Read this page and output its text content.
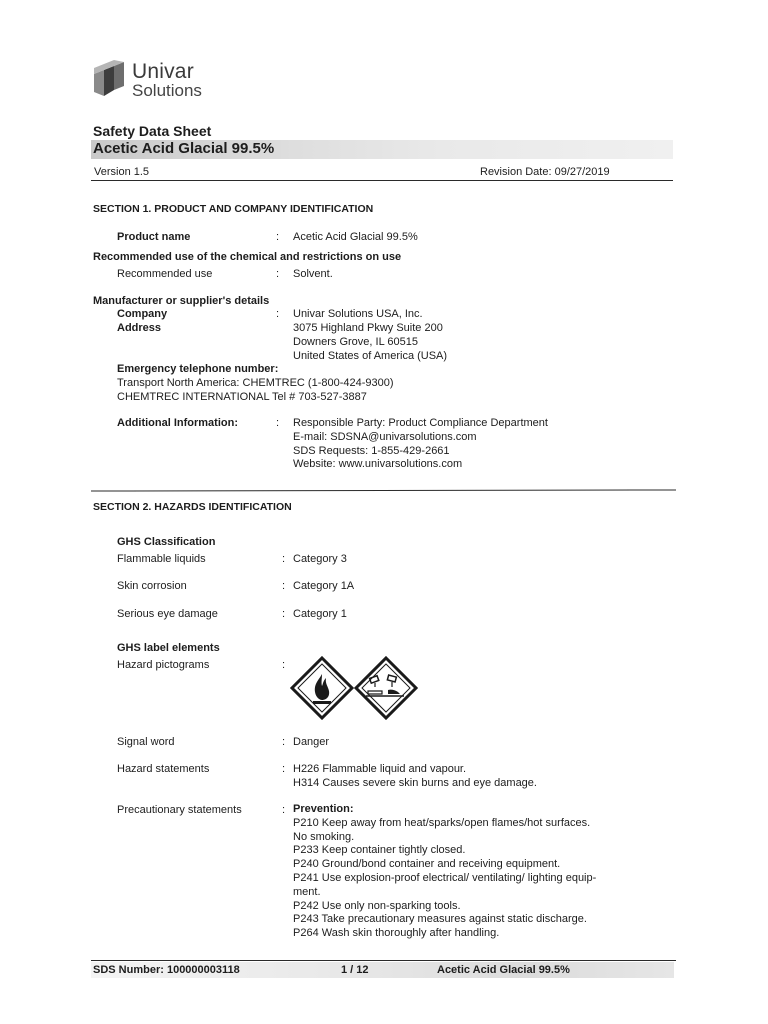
Univar
Solutions
Safety Data Sheet
Acetic Acid Glacial 99.5%
Version 1.5	Revision Date: 09/27/2019
SECTION 1. PRODUCT AND COMPANY IDENTIFICATION
Product name	: Acetic Acid Glacial 99.5%
Recommended use of the chemical and restrictions on use
Recommended use	: Solvent.
Manufacturer or supplier's details
Company	: Univar Solutions USA, Inc.
Address	3075 Highland Pkwy Suite 200
Downers Grove, IL 60515
United States of America (USA)
Emergency telephone number:
Transport North America: CHEMTREC (1-800-424-9300)
CHEMTREC INTERNATIONAL Tel # 703-527-3887
Additional Information:	: Responsible Party: Product Compliance Department
E-mail: SDSNA@univarsolutions.com
SDS Requests: 1-855-429-2661
Website: www.univarsolutions.com
SECTION 2. HAZARDS IDENTIFICATION
GHS Classification
Flammable liquids	: Category 3
Skin corrosion	: Category 1A
Serious eye damage	: Category 1
GHS label elements
Hazard pictograms	:
Signal word	: Danger
Hazard statements	: H226 Flammable liquid and vapour.
H314 Causes severe skin burns and eye damage.
Precautionary statements	: Prevention:
P210 Keep away from heat/sparks/open flames/hot surfaces.
No smoking.
P233 Keep container tightly closed.
P240 Ground/bond container and receiving equipment.
P241 Use explosion-proof electrical/ ventilating/ lighting equip-
ment.
P242 Use only non-sparking tools.
P243 Take precautionary measures against static discharge.
P264 Wash skin thoroughly after handling.
SDS Number: 100000003118	1 / 12	Acetic Acid Glacial 99.5%
